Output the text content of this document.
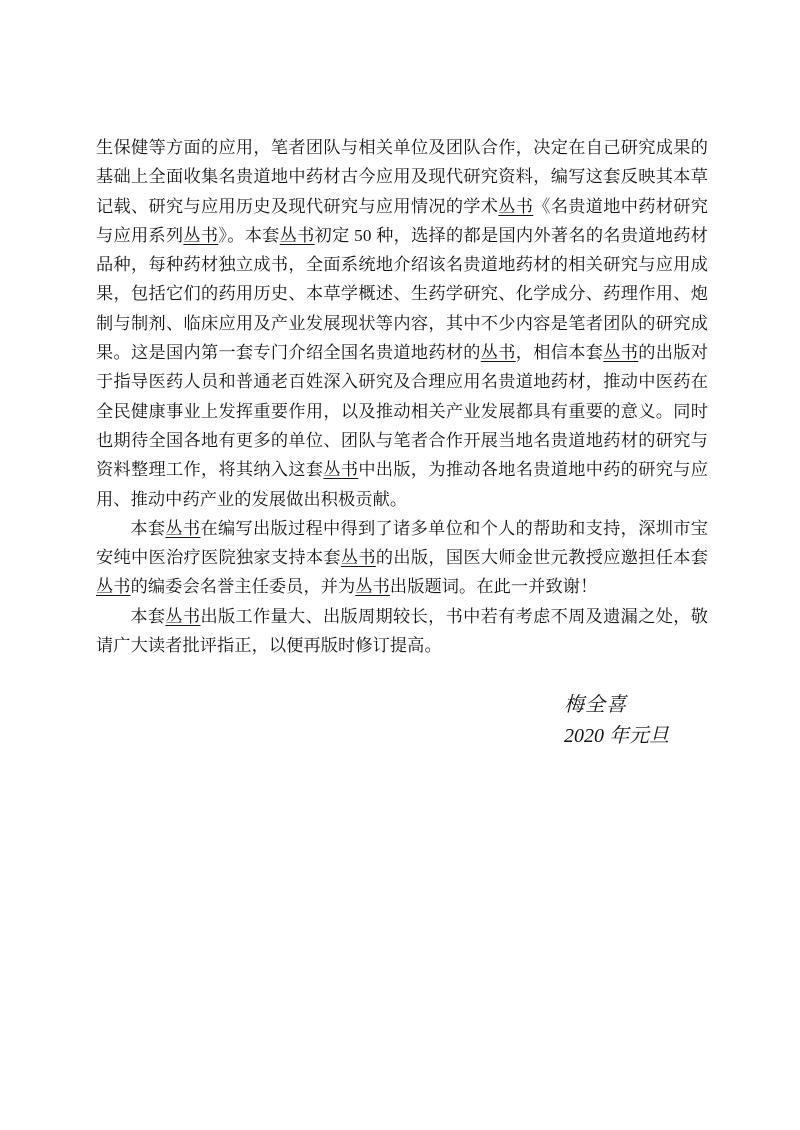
生保健等方面的应用，笔者团队与相关单位及团队合作，决定在自己研究成果的
基础上全面收集名贵道地中药材古今应用及现代研究资料，编写这套反映其本草
记载、研究与应用历史及现代研究与应用情况的学术丛书《名贵道地中药材研究
与应用系列丛书》。本套丛书初定 50 种，选择的都是国内外著名的名贵道地药材
品种，每种药材独立成书，全面系统地介绍该名贵道地药材的相关研究与应用成
果，包括它们的药用历史、本草学概述、生药学研究、化学成分、药理作用、炮
制与制剂、临床应用及产业发展现状等内容，其中不少内容是笔者团队的研究成
果。这是国内第一套专门介绍全国名贵道地药材的丛书，相信本套丛书的出版对
于指导医药人员和普通老百姓深入研究及合理应用名贵道地药材，推动中医药在
全民健康事业上发挥重要作用，以及推动相关产业发展都具有重要的意义。同时
也期待全国各地有更多的单位、团队与笔者合作开展当地名贵道地药材的研究与
资料整理工作，将其纳入这套丛书中出版，为推动各地名贵道地中药的研究与应
用、推动中药产业的发展做出积极贡献。
本套丛书在编写出版过程中得到了诸多单位和个人的帮助和支持，深圳市宝
安纯中医治疗医院独家支持本套丛书的出版，国医大师金世元教授应邀担任本套
丛书的编委会名誉主任委员，并为丛书出版题词。在此一并致谢！
本套丛书出版工作量大、出版周期较长，书中若有考虑不周及遗漏之处，敬
请广大读者批评指正，以便再版时修订提高。
梅全喜
2020 年元旦
